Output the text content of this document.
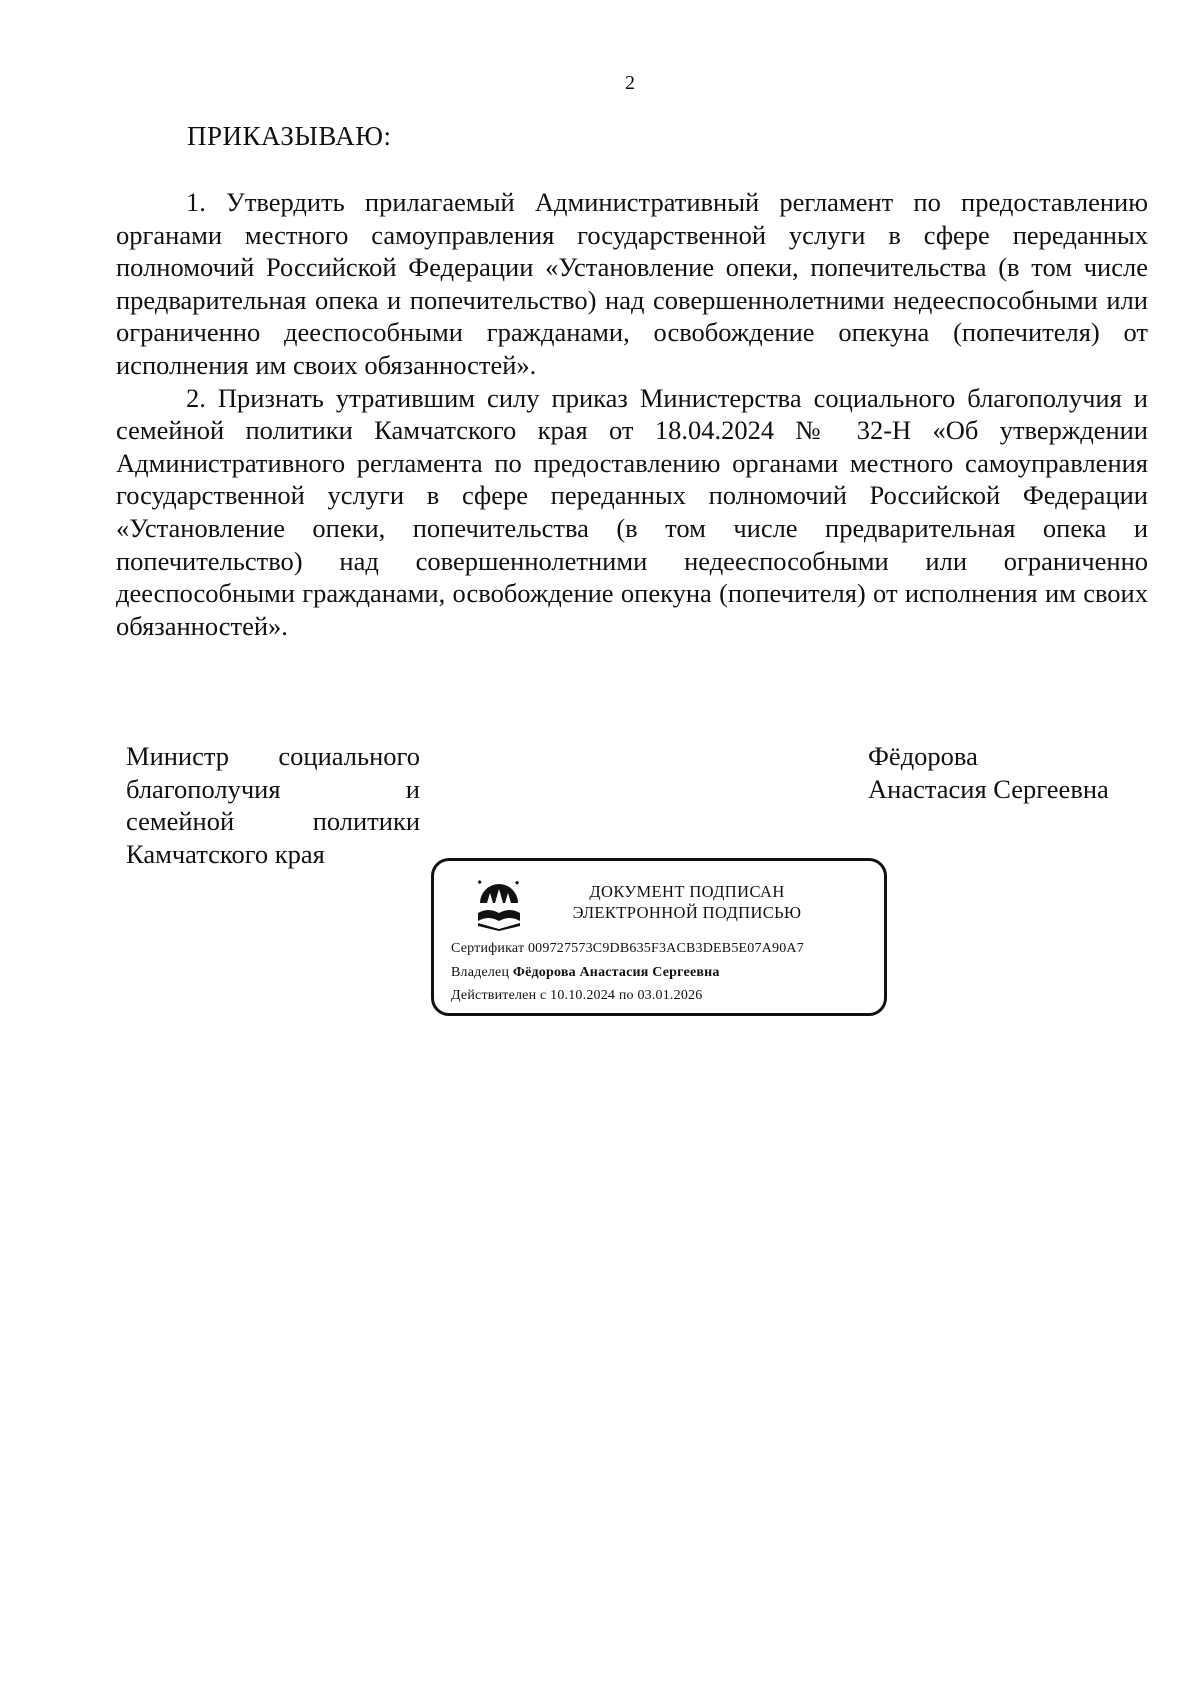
2
ПРИКАЗЫВАЮ:

1. Утвердить прилагаемый Административный регламент по предоставлению органами местного самоуправления государственной услуги в сфере переданных полномочий Российской Федерации «Установление опеки, попечительства (в том числе предварительная опека и попечительство) над совершеннолетними недееспособными или ограниченно дееспособными гражданами, освобождение опекуна (попечителя) от исполнения им своих обязанностей».

2. Признать утратившим силу приказ Министерства социального благополучия и семейной политики Камчатского края от 18.04.2024 № 32-Н «Об утверждении Административного регламента по предоставлению органами местного самоуправления государственной услуги в сфере переданных полномочий Российской Федерации «Установление опеки, попечительства (в том числе предварительная опека и попечительство) над совершеннолетними недееспособными или ограниченно дееспособными гражданами, освобождение опекуна (попечителя) от исполнения им своих обязанностей».

Министр социального
благополучия и
семейной политики
Камчатского края
Фёдорова
Анастасия Сергеевна
ДОКУМЕНТ ПОДПИСАН
ЭЛЕКТРОННОЙ ПОДПИСЬЮ
Сертификат 009727573C9DB635F3ACB3DEB5E07A90A7
Владелец Фёдорова Анастасия Сергеевна
Действителен с 10.10.2024 по 03.01.2026
